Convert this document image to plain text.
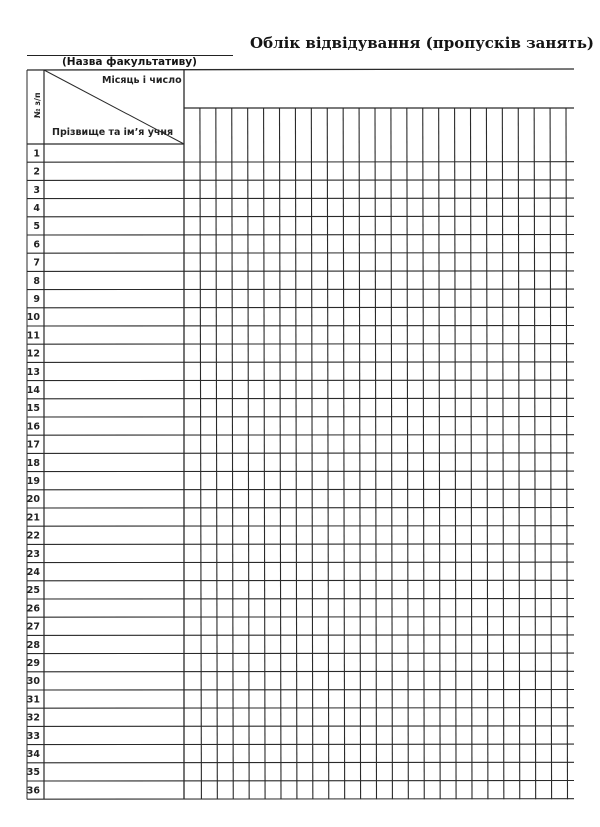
Облік відвідування (пропусків занять)
(Назва факультативу)
Місяць і число
Прізвище та ім’я учня
№ з/п
1
2
3
4
5
6
7
8
9
10
11
12
13
14
15
16
17
18
19
20
21
22
23
24
25
26
27
28
29
30
31
32
33
34
35
36
